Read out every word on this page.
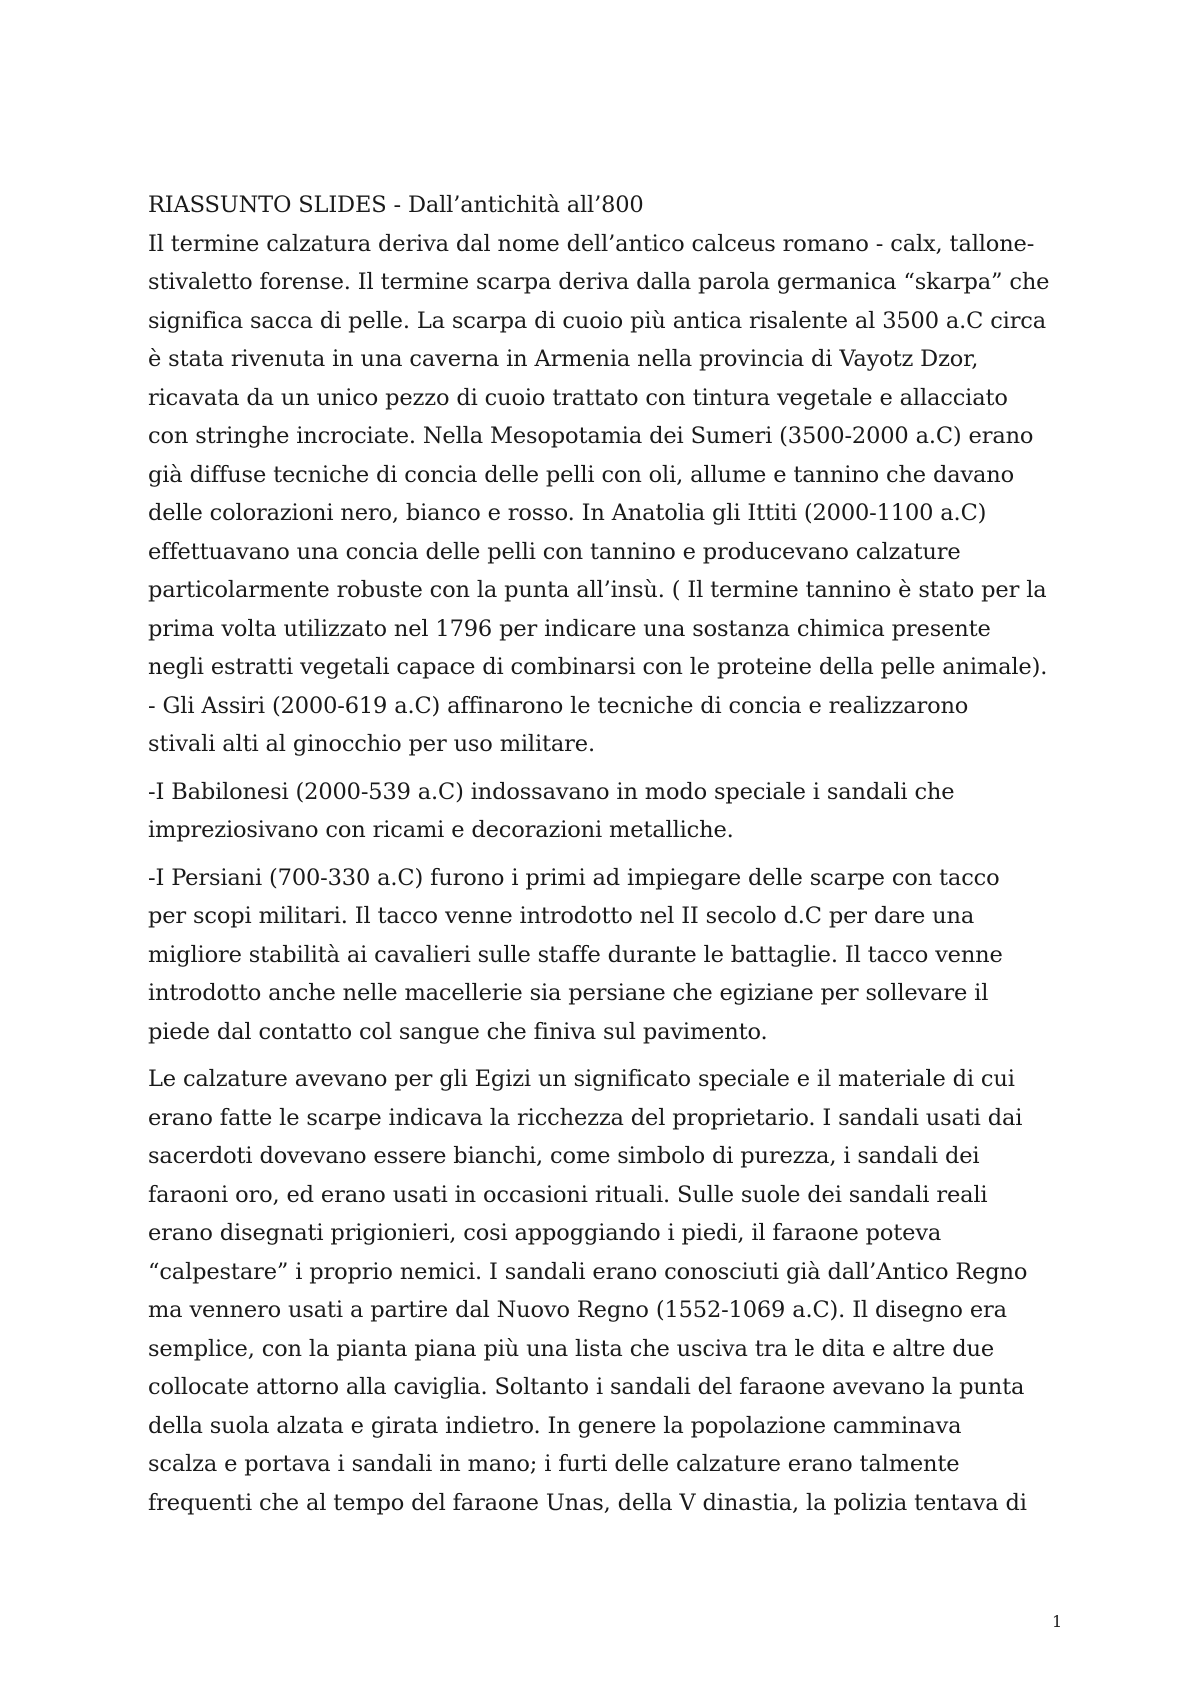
RIASSUNTO SLIDES - Dall’antichità all’800
Il termine calzatura deriva dal nome dell’antico calceus romano - calx, tallone-
stivaletto forense. Il termine scarpa deriva dalla parola germanica “skarpa” che
significa sacca di pelle. La scarpa di cuoio più antica risalente al 3500 a.C circa
è stata rivenuta in una caverna in Armenia nella provincia di Vayotz Dzor,
ricavata da un unico pezzo di cuoio trattato con tintura vegetale e allacciato
con stringhe incrociate. Nella Mesopotamia dei Sumeri (3500-2000 a.C) erano
già diffuse tecniche di concia delle pelli con oli, allume e tannino che davano
delle colorazioni nero, bianco e rosso. In Anatolia gli Ittiti (2000-1100 a.C)
effettuavano una concia delle pelli con tannino e producevano calzature
particolarmente robuste con la punta all’insù. ( Il termine tannino è stato per la
prima volta utilizzato nel 1796 per indicare una sostanza chimica presente
negli estratti vegetali capace di combinarsi con le proteine della pelle animale).
- Gli Assiri (2000-619 a.C) affinarono le tecniche di concia e realizzarono
stivali alti al ginocchio per uso militare.
-I Babilonesi (2000-539 a.C) indossavano in modo speciale i sandali che
impreziosivano con ricami e decorazioni metalliche.
-I Persiani (700-330 a.C) furono i primi ad impiegare delle scarpe con tacco
per scopi militari. Il tacco venne introdotto nel II secolo d.C per dare una
migliore stabilità ai cavalieri sulle staffe durante le battaglie. Il tacco venne
introdotto anche nelle macellerie sia persiane che egiziane per sollevare il
piede dal contatto col sangue che finiva sul pavimento.
Le calzature avevano per gli Egizi un significato speciale e il materiale di cui
erano fatte le scarpe indicava la ricchezza del proprietario. I sandali usati dai
sacerdoti dovevano essere bianchi, come simbolo di purezza, i sandali dei
faraoni oro, ed erano usati in occasioni rituali. Sulle suole dei sandali reali
erano disegnati prigionieri, cosi appoggiando i piedi, il faraone poteva
“calpestare” i proprio nemici. I sandali erano conosciuti già dall’Antico Regno
ma vennero usati a partire dal Nuovo Regno (1552-1069 a.C). Il disegno era
semplice, con la pianta piana più una lista che usciva tra le dita e altre due
collocate attorno alla caviglia. Soltanto i sandali del faraone avevano la punta
della suola alzata e girata indietro. In genere la popolazione camminava
scalza e portava i sandali in mano; i furti delle calzature erano talmente
frequenti che al tempo del faraone Unas, della V dinastia, la polizia tentava di
1
